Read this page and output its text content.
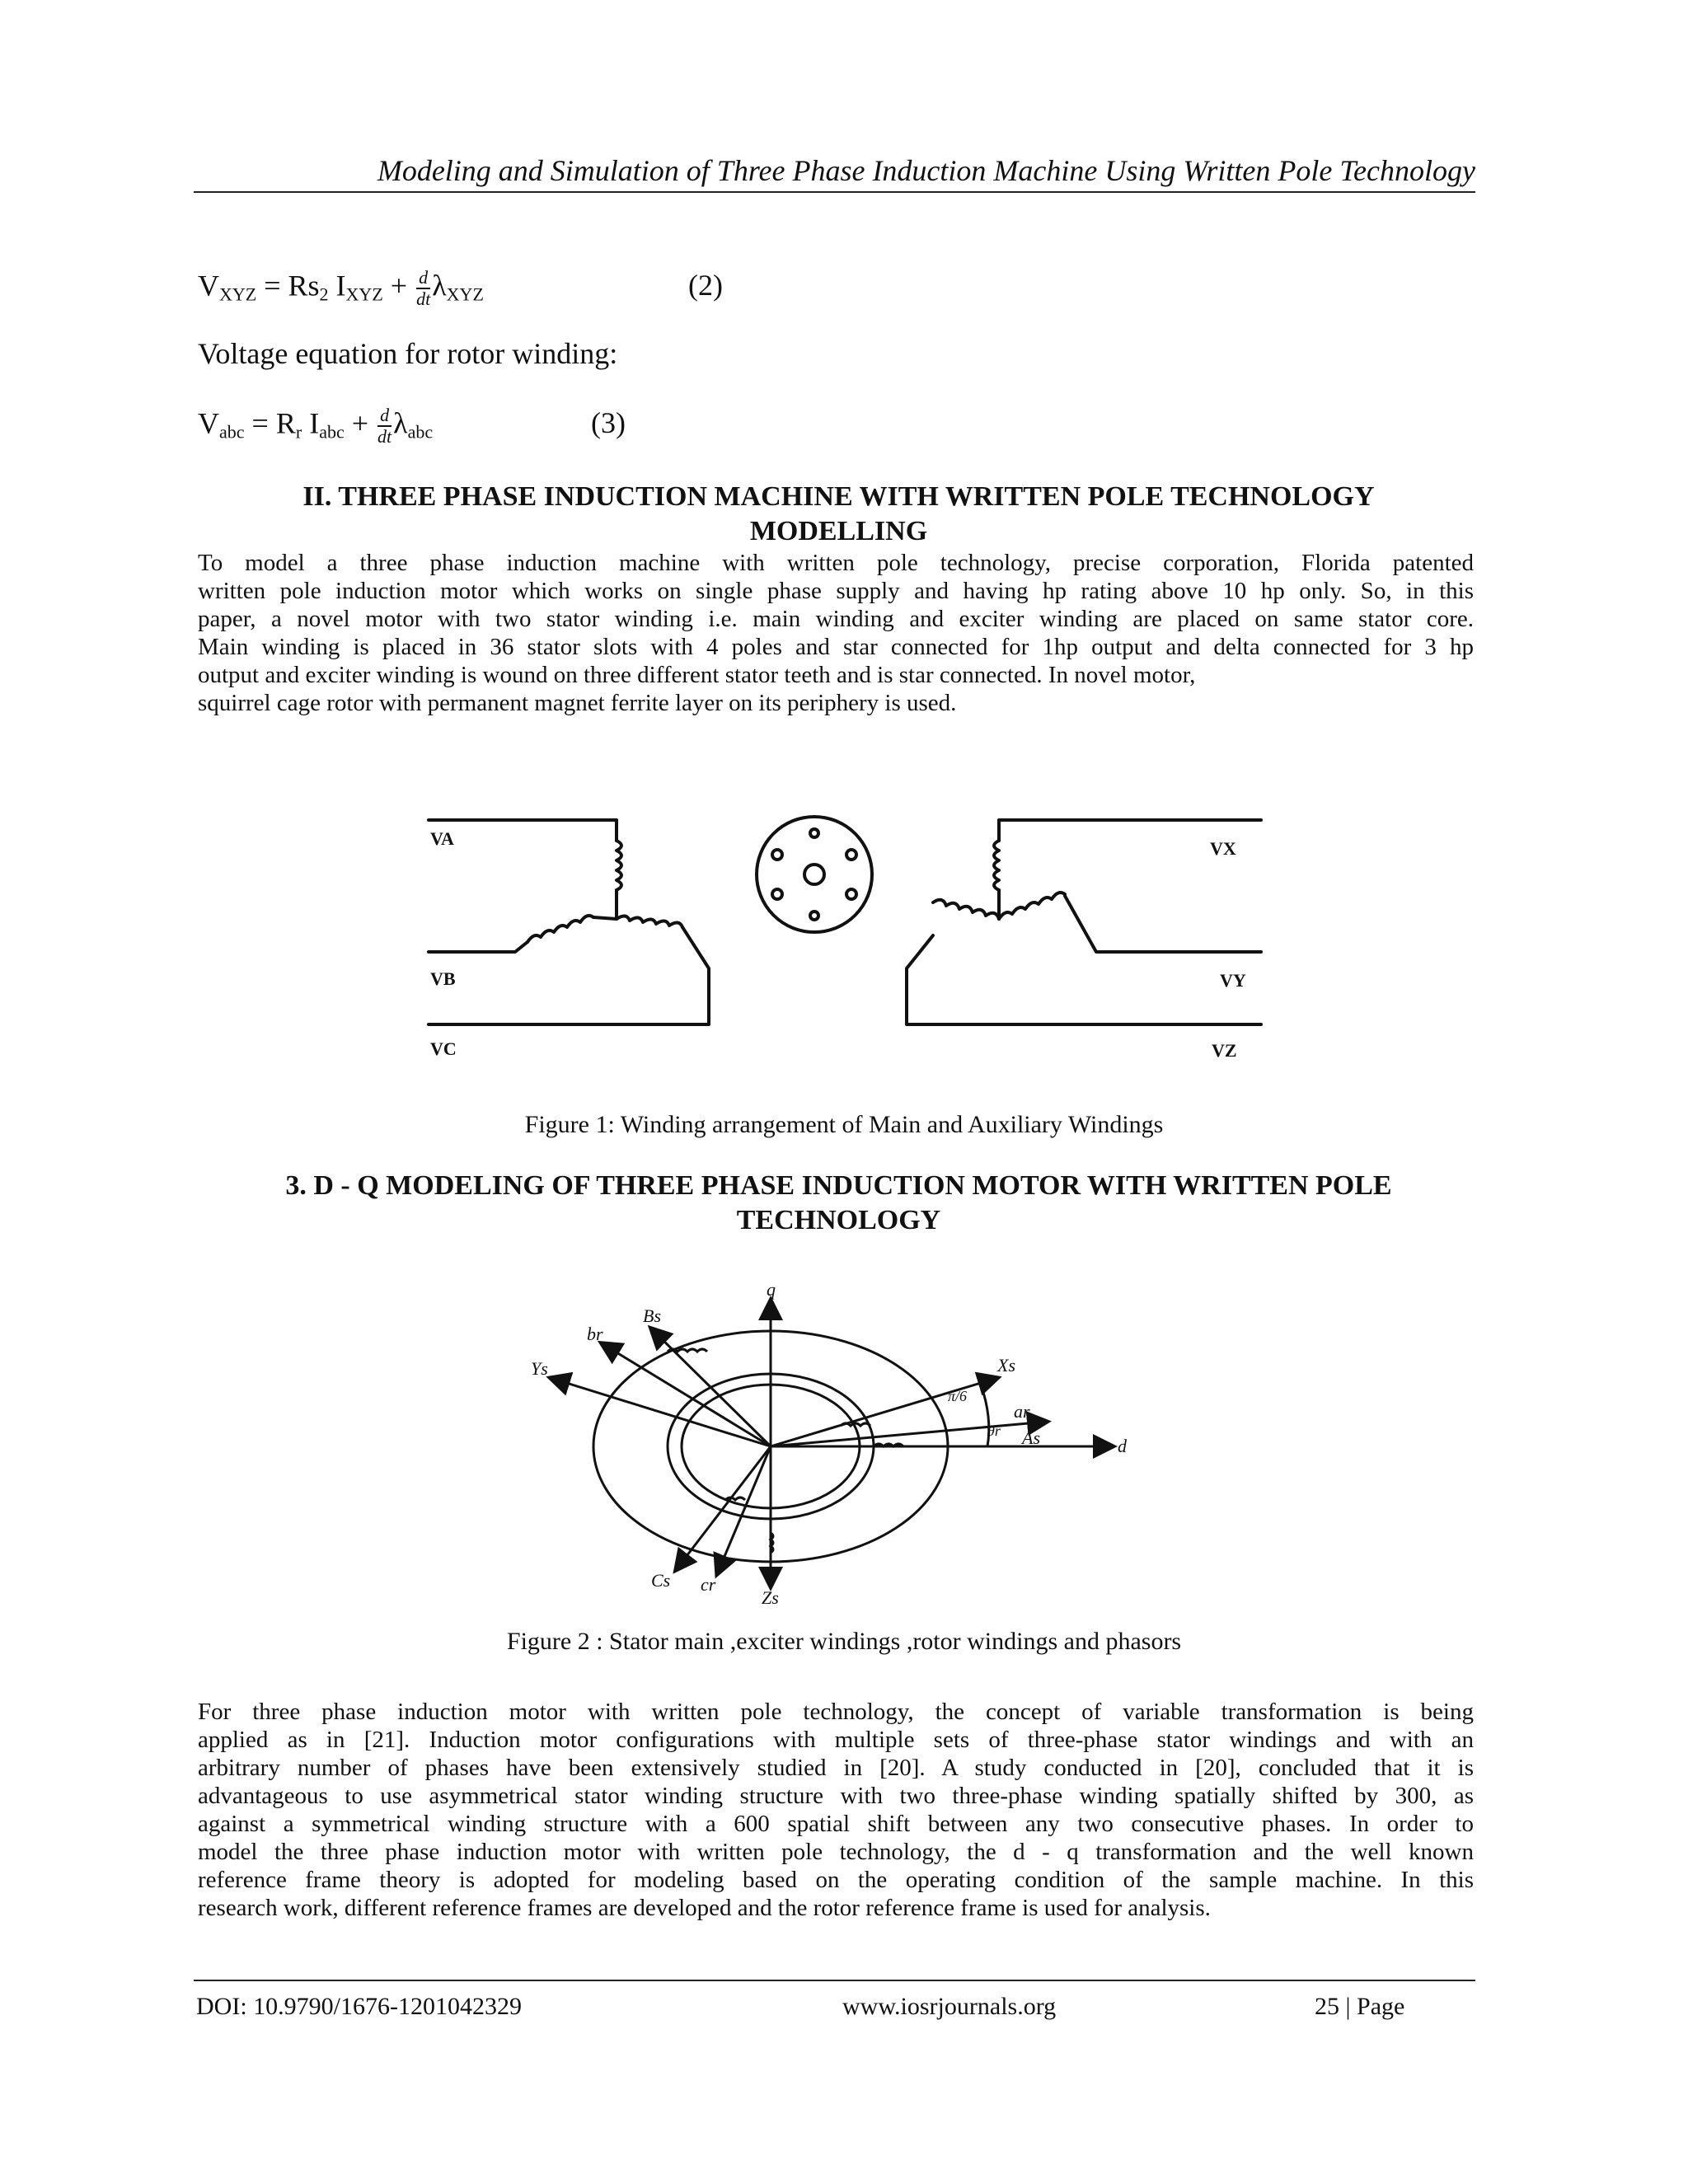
Modeling and Simulation of Three Phase Induction Machine Using Written Pole Technology
$V_{XYZ} = Rs_2$ $I_{XYZ} + \frac{d}{dt} \lambda_{XYZ}$	(2)
Voltage equation for rotor winding:
$V_{abc} = R_r$ $I_{abc} + \frac{d}{dt} \lambda_{abc}$	(3)
II. THREE PHASE INDUCTION MACHINE WITH WRITTEN POLE TECHNOLOGY
MODELLING
To model a three phase induction machine with written pole technology, precise corporation, Florida patented
written pole induction motor which works on single phase supply and having hp rating above 10 hp only. So, in this
paper, a novel motor with two stator winding i.e. main winding and exciter winding are placed on same stator core.
Main winding is placed in 36 stator slots with 4 poles and star connected for 1hp output and delta connected for 3 hp
output and exciter winding is wound on three different stator teeth and is star connected. In novel motor,
squirrel cage rotor with permanent magnet ferrite layer on its periphery is used.
VA
VB
VC
VX
VY
VZ
Figure 1: Winding arrangement of Main and Auxiliary Windings
3. D - Q MODELING OF THREE PHASE INDUCTION MOTOR WITH WRITTEN POLE
TECHNOLOGY
q
d
Bs
br
Ys	Xs
π/6
ar
θr As
Cs cr
Zs
Figure 2 : Stator main ,exciter windings ,rotor windings and phasors
For three phase induction motor with written pole technology, the concept of variable transformation is being
applied as in [21]. Induction motor configurations with multiple sets of three-phase stator windings and with an
arbitrary number of phases have been extensively studied in [20]. A study conducted in [20], concluded that it is
advantageous to use asymmetrical stator winding structure with two three-phase winding spatially shifted by 300, as
against a symmetrical winding structure with a 600 spatial shift between any two consecutive phases. In order to
model the three phase induction motor with written pole technology, the d - q transformation and the well known
reference frame theory is adopted for modeling based on the operating condition of the sample machine. In this
research work, different reference frames are developed and the rotor reference frame is used for analysis.
DOI: 10.9790/1676-1201042329	www.iosrjournals.org	25 | Page
